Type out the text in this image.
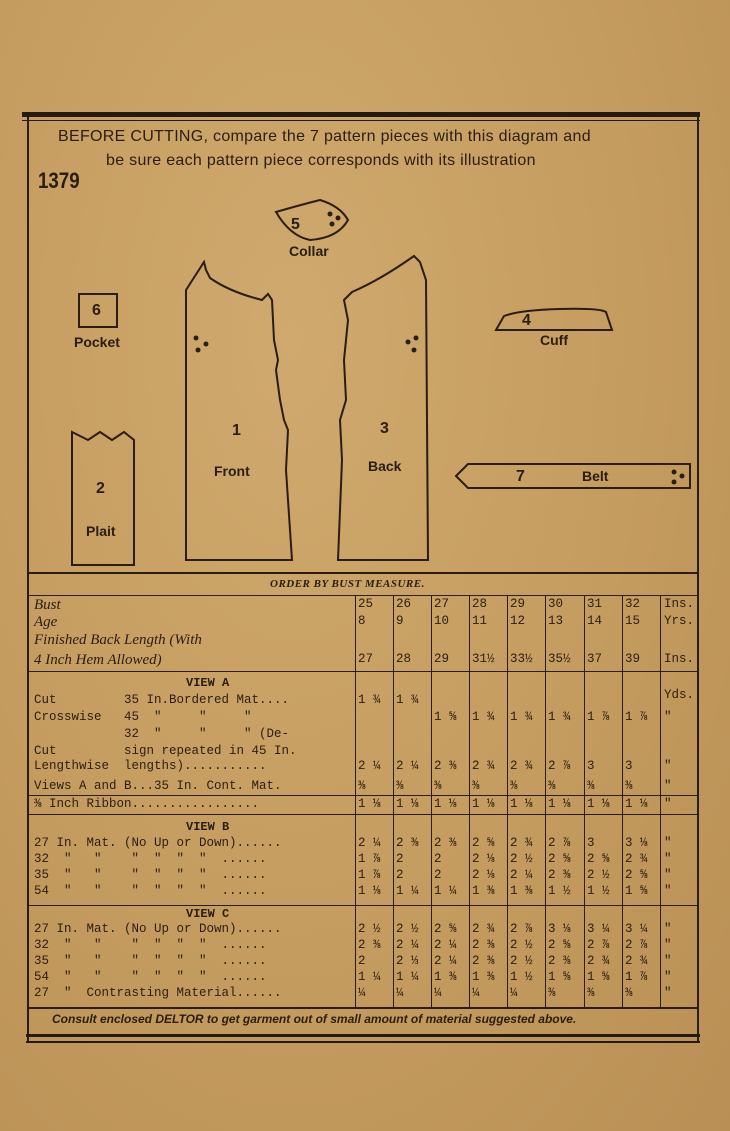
BEFORE CUTTING, compare the 7 pattern pieces with this diagram and
be sure each pattern piece corresponds with its illustration
1379
5
Collar
6
Pocket
4
Cuff
1
Front
3
Back
2
Plait
7	Belt
ORDER BY BUST MEASURE.
Bust	25 26 27 28 29 30 31 32 Ins.
Age	8 9 10 11 12 13 14 15 Yrs.
Finished Back Length (With
4 Inch Hem Allowed)	27 28 29 31½ 33½ 35½ 37 39 Ins.
VIEW A
Yds.
Cut         35 In.Bordered Mat....	1 ¾ 1 ¾
Crosswise   45  "     "     "	1 ⅝ 1 ¾ 1 ¾ 1 ¾ 1 ⅞ 1 ⅞ "
32  "     "     " (De-
Cut         sign repeated in 45 In.
Lengthwise  lengths)...........	2 ¼ 2 ¼ 2 ⅜ 2 ¾ 2 ¾ 2 ⅞ 3 3	"
Views A and B...35 In. Cont. Mat.	⅜ ⅜ ⅜ ⅜ ⅜ ⅜	⅜ ⅜	"
⅜ Inch Ribbon.................	1 ⅛ 1 ⅛ 1 ⅛ 1 ⅛ 1 ⅛ 1 ⅛ 1 ⅛ 1 ⅛ "
VIEW B
27 In. Mat. (No Up or Down)......	2 ¼ 2 ⅜ 2 ⅜ 2 ⅝ 2 ¾ 2 ⅞ 3 3 ⅛ "
32  "   "    "  "  "  "  ......	1 ⅞ 2 2 2 ⅛ 2 ½ 2 ⅝ 2 ⅝ 2 ¾ "
35  "   "    "  "  "  "  ......	1 ⅞ 2 2 2 ⅛ 2 ¼ 2 ⅜ 2 ½ 2 ⅝ "
54  "   "    "  "  "  "  ......	1 ⅛ 1 ¼ 1 ¼ 1 ⅜ 1 ⅜ 1 ½ 1 ½ 1 ⅝ "
VIEW C
27 In. Mat. (No Up or Down)......	2 ½ 2 ½ 2 ⅝ 2 ¾ 2 ⅞ 3 ⅛ 3 ¼ 3 ¼ "
32  "   "    "  "  "  "  ......	2 ⅜ 2 ¼ 2 ¼ 2 ⅜ 2 ½ 2 ⅝ 2 ⅞ 2 ⅞ "
35  "   "    "  "  "  "  ......	2 2 ⅓ 2 ¼ 2 ⅜ 2 ½ 2 ⅜ 2 ¾ 2 ¾ "
54  "   "    "  "  "  "  ......	1 ¼ 1 ¼ 1 ⅜ 1 ⅜ 1 ½ 1 ⅝ 1 ⅝ 1 ⅞ "
27  "  Contrasting Material......	¼ ¼ ¼ ¼ ¼ ⅜	⅜ ⅜	"
Consult enclosed DELTOR to get garment out of small amount of material suggested above.
